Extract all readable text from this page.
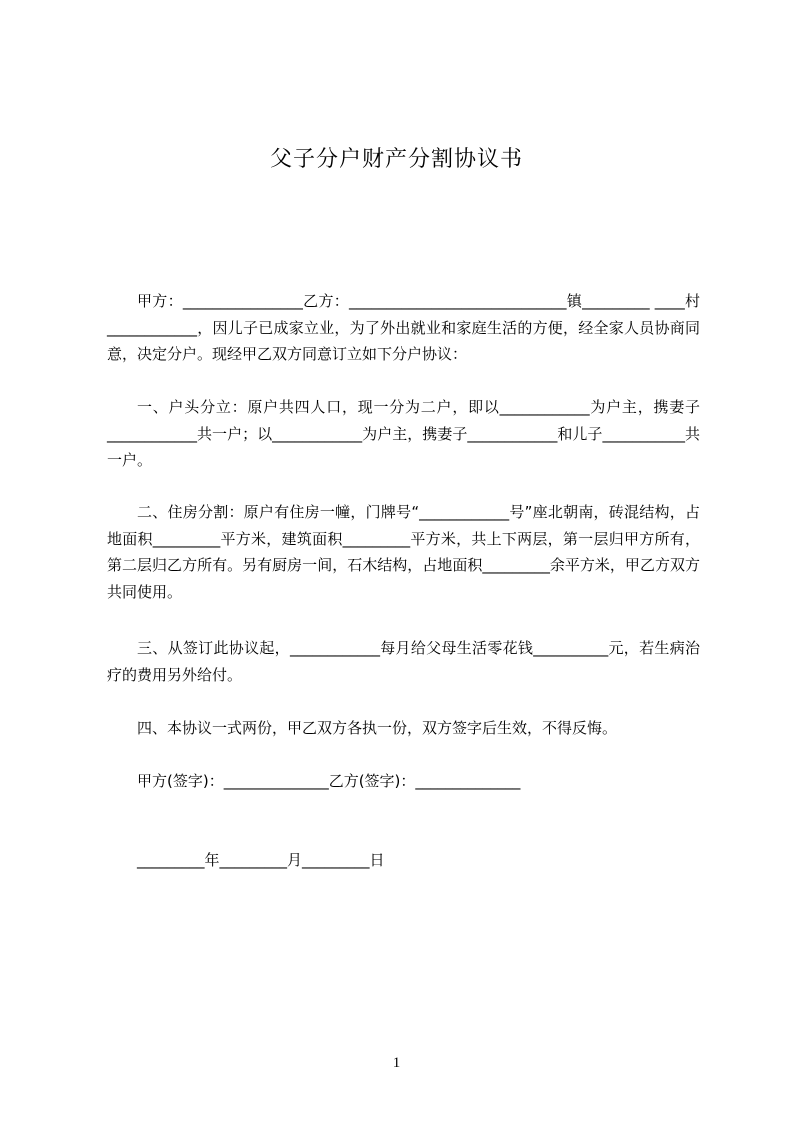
父子分户财产分割协议书

甲方：________________乙方：_____________________________镇_________ ____村____________，因儿子已成家立业，为了外出就业和家庭生活的方便，经全家人员协商同意，决定分户。现经甲乙双方同意订立如下分户协议：

一、户头分立：原户共四人口，现一分为二户，即以____________为户主，携妻子____________共一户；以____________为户主，携妻子____________和儿子___________共一户。

二、住房分割：原户有住房一幢，门牌号“____________号”座北朝南，砖混结构，占地面积_________平方米，建筑面积_________平方米，共上下两层，第一层归甲方所有，第二层归乙方所有。另有厨房一间，石木结构，占地面积_________余平方米，甲乙方双方共同使用。

三、从签订此协议起，____________每月给父母生活零花钱__________元，若生病治疗的费用另外给付。

四、本协议一式两份，甲乙双方各执一份，双方签字后生效，不得反悔。

甲方(签字)：______________乙方(签字)：______________
_________年_________月_________日
1
